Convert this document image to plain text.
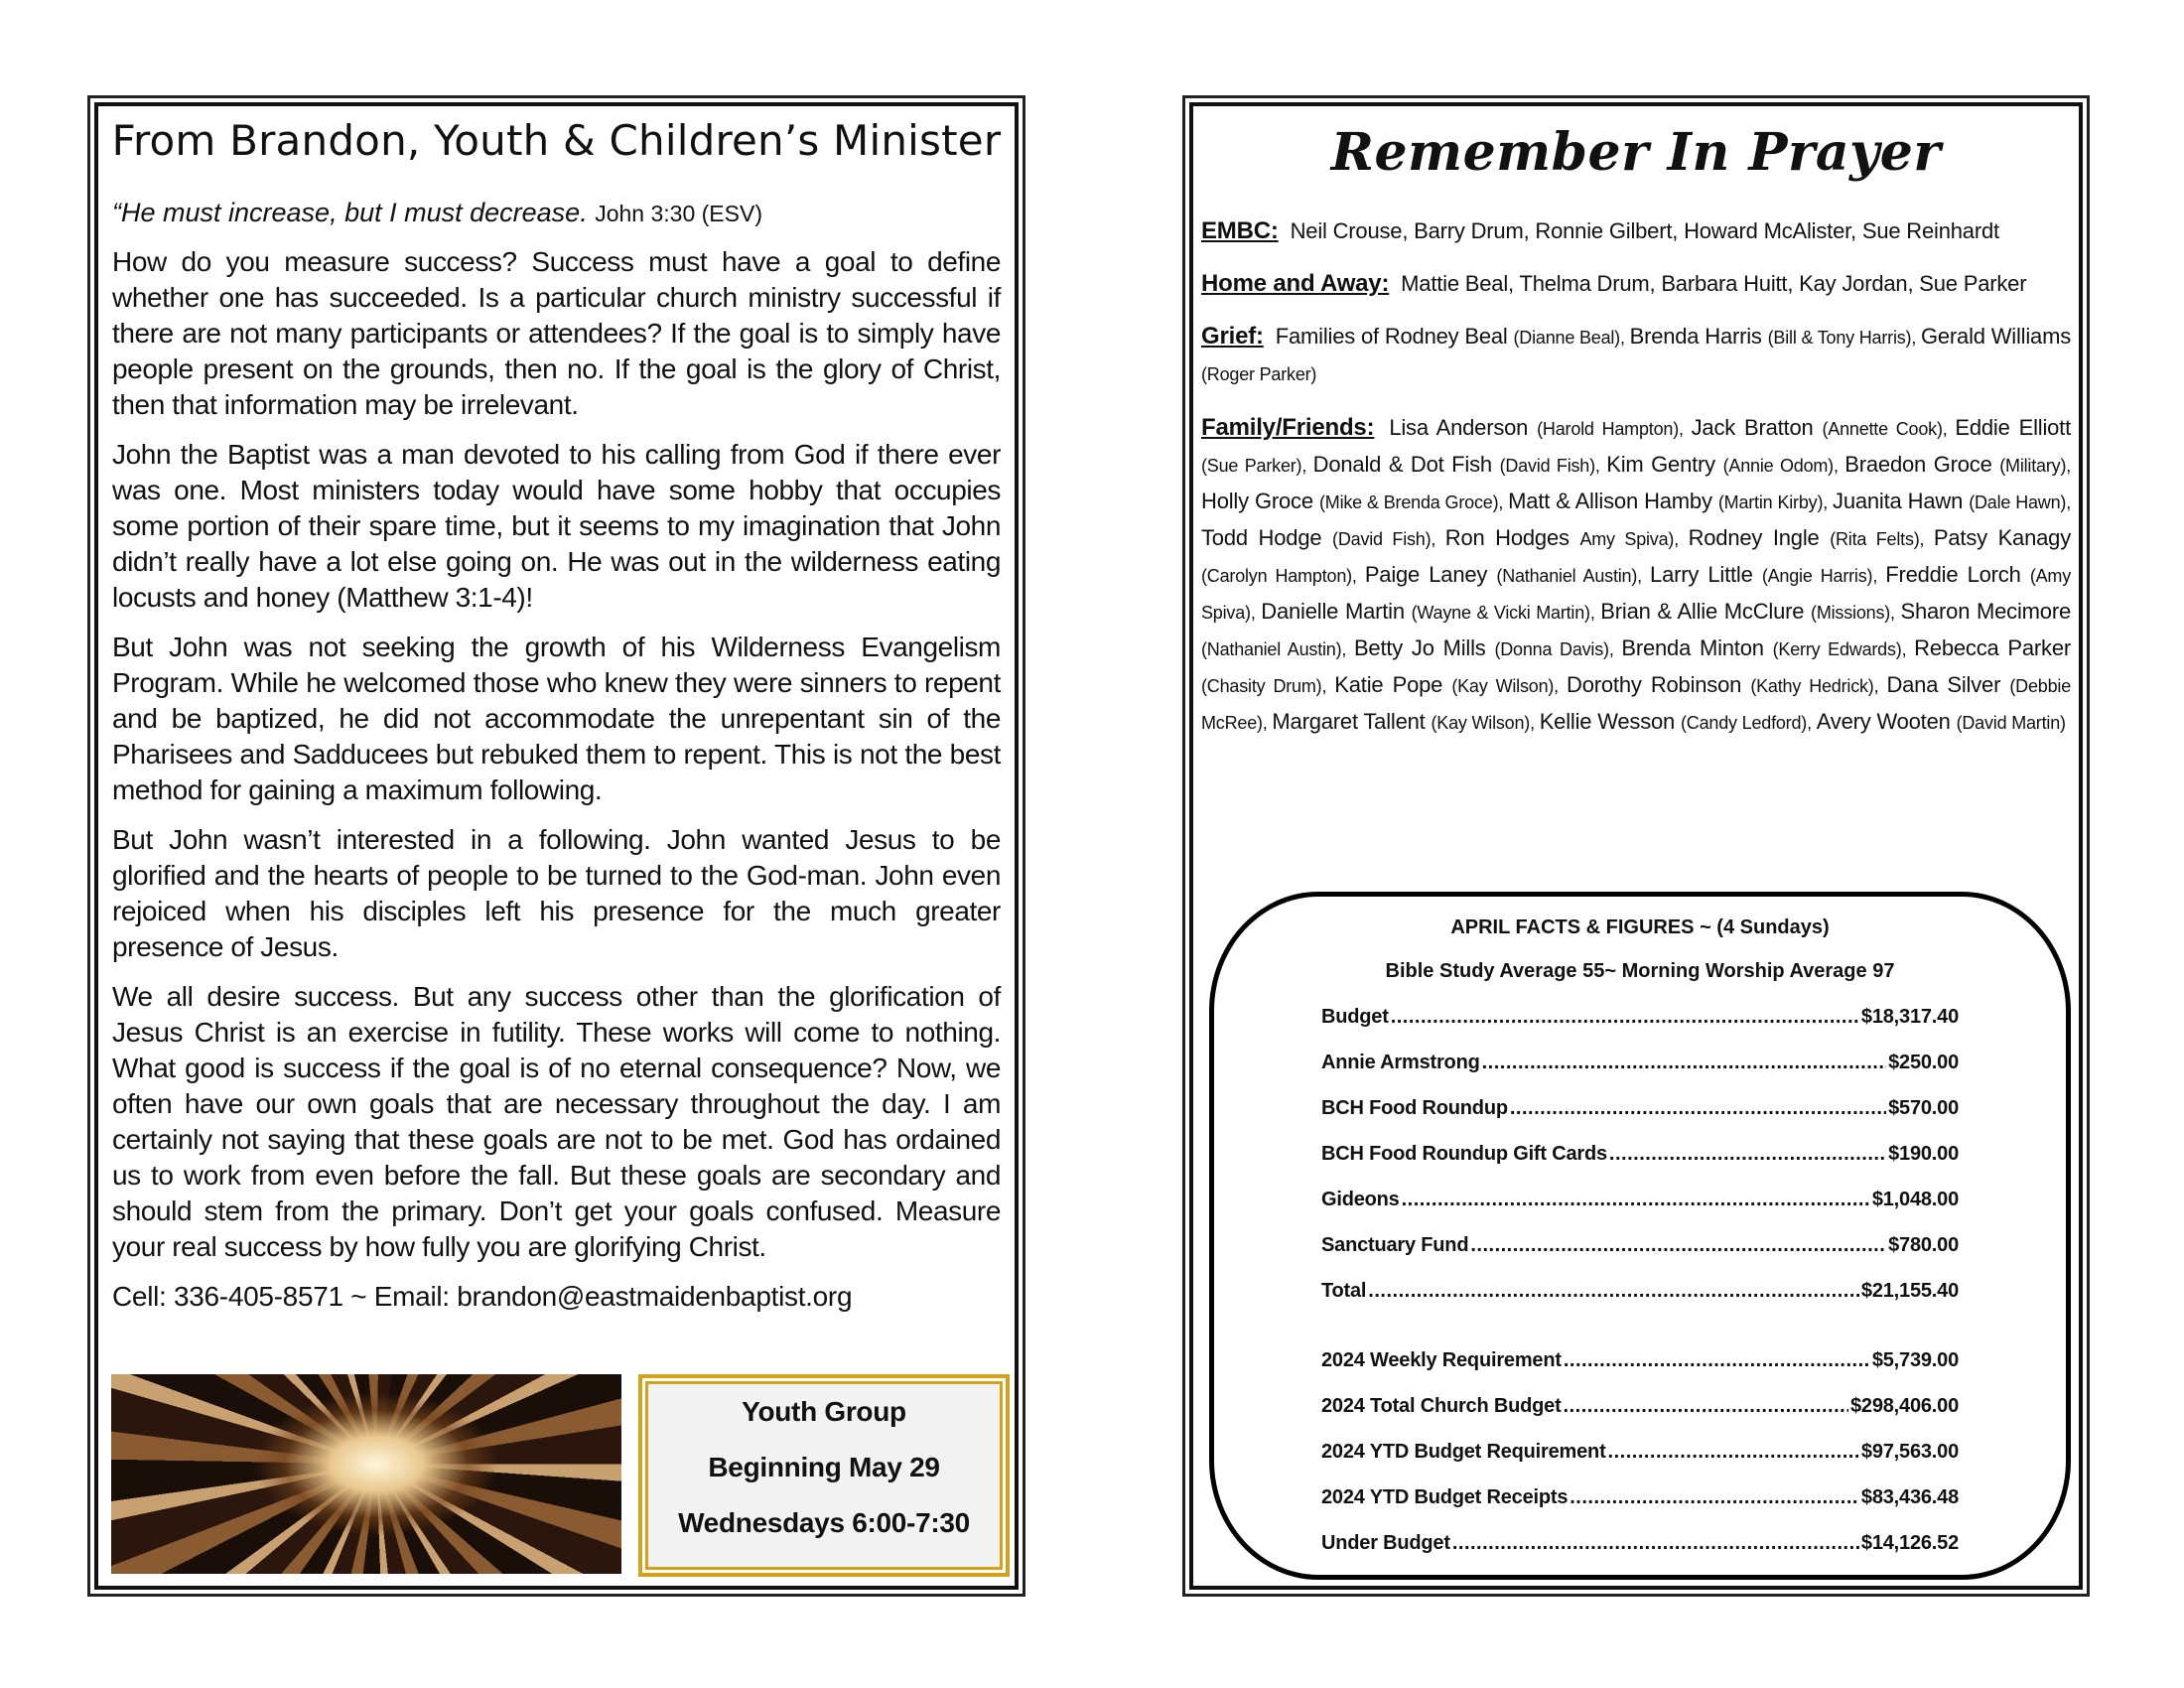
From Brandon, Youth & Children’s Minister

“He must increase, but I must decrease. John 3:30 (ESV)

How do you measure success? Success must have a goal to define whether one has succeeded. Is a particular church ministry successful if there are not many participants or attendees? If the goal is to simply have people present on the grounds, then no. If the goal is the glory of Christ, then that information may be irrelevant.

John the Baptist was a man devoted to his calling from God if there ever was one. Most ministers today would have some hobby that occupies some portion of their spare time, but it seems to my imagination that John didn’t really have a lot else going on. He was out in the wilderness eating locusts and honey (Matthew 3:1-4)!

But John was not seeking the growth of his Wilderness Evangelism Program. While he welcomed those who knew they were sinners to repent and be baptized, he did not accommodate the unrepentant sin of the Pharisees and Sadducees but rebuked them to repent. This is not the best method for gaining a maximum following.

But John wasn’t interested in a following. John wanted Jesus to be glorified and the hearts of people to be turned to the God-man. John even rejoiced when his disciples left his presence for the much greater presence of Jesus.

We all desire success. But any success other than the glorification of Jesus Christ is an exercise in futility. These works will come to nothing. What good is success if the goal is of no eternal consequence? Now, we often have our own goals that are necessary throughout the day. I am certainly not saying that these goals are not to be met. God has ordained us to work from even before the fall. But these goals are secondary and should stem from the primary. Don’t get your goals confused. Measure your real success by how fully you are glorifying Christ.

Cell: 336-405-8571 ~ Email: brandon@eastmaidenbaptist.org

Youth Group
Beginning May 29
Wednesdays 6:00-7:30
Remember In Prayer

EMBC: Neil Crouse, Barry Drum, Ronnie Gilbert, Howard McAlister, Sue Reinhardt

Home and Away: Mattie Beal, Thelma Drum, Barbara Huitt, Kay Jordan, Sue Parker

Grief: Families of Rodney Beal (Dianne Beal), Brenda Harris (Bill & Tony Harris), Gerald Williams (Roger Parker)

Family/Friends: Lisa Anderson (Harold Hampton), Jack Bratton (Annette Cook), Eddie Elliott (Sue Parker), Donald & Dot Fish (David Fish), Kim Gentry (Annie Odom), Braedon Groce (Military), Holly Groce (Mike & Brenda Groce), Matt & Allison Hamby (Martin Kirby), Juanita Hawn (Dale Hawn), Todd Hodge (David Fish), Ron Hodges Amy Spiva), Rodney Ingle (Rita Felts), Patsy Kanagy (Carolyn Hampton), Paige Laney (Nathaniel Austin), Larry Little (Angie Harris), Freddie Lorch (Amy Spiva), Danielle Martin (Wayne & Vicki Martin), Brian & Allie McClure (Missions), Sharon Mecimore (Nathaniel Austin), Betty Jo Mills (Donna Davis), Brenda Minton (Kerry Edwards), Rebecca Parker (Chasity Drum), Katie Pope (Kay Wilson), Dorothy Robinson (Kathy Hedrick), Dana Silver (Debbie McRee), Margaret Tallent (Kay Wilson), Kellie Wesson (Candy Ledford), Avery Wooten (David Martin)

APRIL FACTS & FIGURES ~ (4 Sundays)
Bible Study Average 55~ Morning Worship Average 97
Budget .....	$18,317.40
Annie Armstrong .....	$250.00
BCH Food Roundup .....	$570.00
BCH Food Roundup Gift Cards .....	$190.00
Gideons .....	$1,048.00
Sanctuary Fund .....	$780.00
Total .....	$21,155.40
2024 Weekly Requirement .....	$5,739.00
2024 Total Church Budget .....	$298,406.00
2024 YTD Budget Requirement .....	$97,563.00
2024 YTD Budget Receipts .....	$83,436.48
Under Budget .....	$14,126.52
